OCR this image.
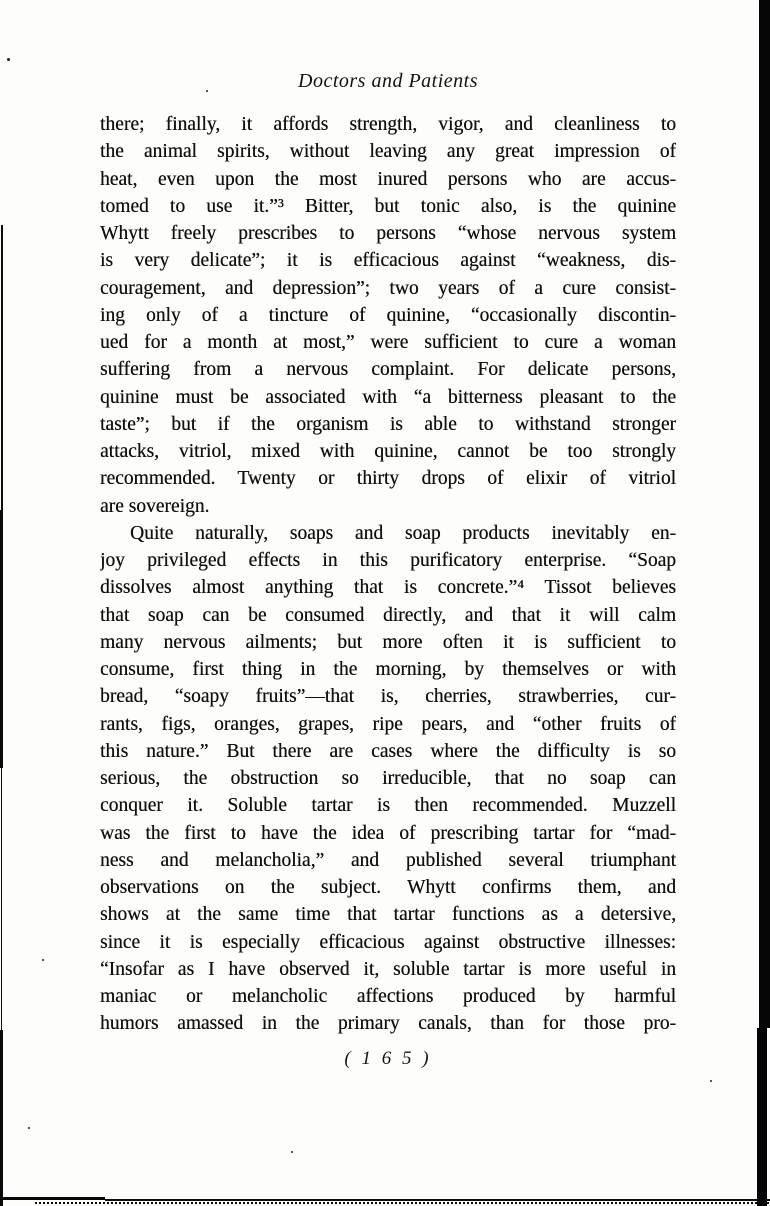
Doctors and Patients
there; finally, it affords strength, vigor, and cleanliness to
the animal spirits, without leaving any great impression of
heat, even upon the most inured persons who are accus-
tomed to use it.”³ Bitter, but tonic also, is the quinine
Whytt freely prescribes to persons “whose nervous system
is very delicate”; it is efficacious against “weakness, dis-
couragement, and depression”; two years of a cure consist-
ing only of a tincture of quinine, “occasionally discontin-
ued for a month at most,” were sufficient to cure a woman
suffering from a nervous complaint. For delicate persons,
quinine must be associated with “a bitterness pleasant to the
taste”; but if the organism is able to withstand stronger
attacks, vitriol, mixed with quinine, cannot be too strongly
recommended. Twenty or thirty drops of elixir of vitriol
are sovereign.
Quite naturally, soaps and soap products inevitably en-
joy privileged effects in this purificatory enterprise. “Soap
dissolves almost anything that is concrete.”⁴ Tissot believes
that soap can be consumed directly, and that it will calm
many nervous ailments; but more often it is sufficient to
consume, first thing in the morning, by themselves or with
bread, “soapy fruits”—that is, cherries, strawberries, cur-
rants, figs, oranges, grapes, ripe pears, and “other fruits of
this nature.” But there are cases where the difficulty is so
serious, the obstruction so irreducible, that no soap can
conquer it. Soluble tartar is then recommended. Muzzell
was the first to have the idea of prescribing tartar for “mad-
ness and melancholia,” and published several triumphant
observations on the subject. Whytt confirms them, and
shows at the same time that tartar functions as a detersive,
since it is especially efficacious against obstructive illnesses:
“Insofar as I have observed it, soluble tartar is more useful in
maniac or melancholic affections produced by harmful
humors amassed in the primary canals, than for those pro-
( 1 6 5 )
